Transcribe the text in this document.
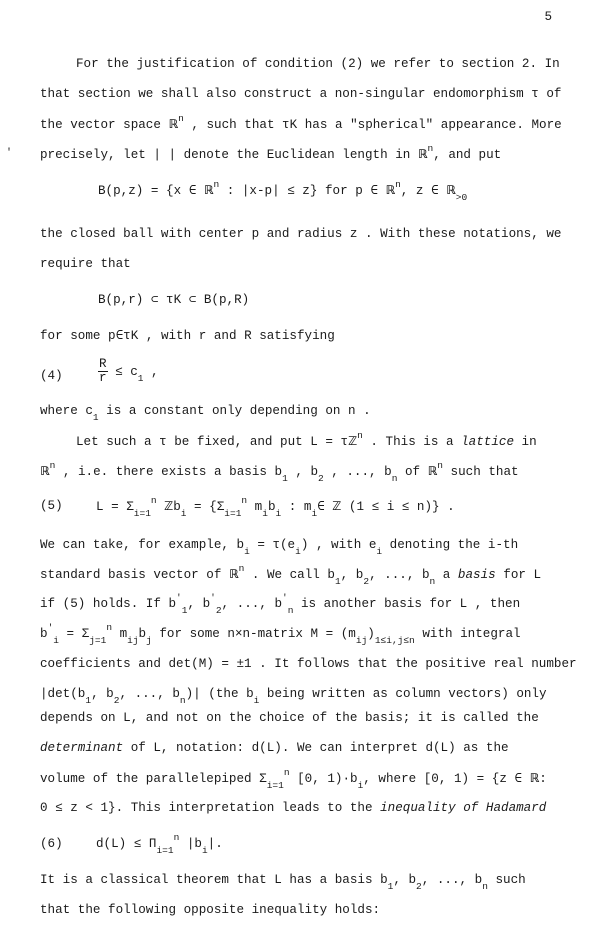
5
'
For the justification of condition (2) we refer to section 2. In
that section we shall also construct a non-singular endomorphism τ of
the vector space ℝ$^n$ , such that τK has a "spherical" appearance. More
precisely, let | | denote the Euclidean length in ℝ$^n$, and put
B(p,z) = {x ∈ ℝ$^n$ : |x-p| ≤ z} for p ∈ ℝ$^n$, z ∈ ℝ$_{>0}$
the closed ball with center p and radius z . With these notations, we
require that
B(p,r) ⊂ τK ⊂ B(p,R)
for some p∈τK , with r and R satisfying
(4)	$\frac{R}{r} \le c_1$ ,
where $c_1$ is a constant only depending on n .
Let such a τ be fixed, and put L = τℤ$^n$ . This is a lattice in
ℝ$^n$ , i.e. there exists a basis $b_1$ , $b_2$ , ..., $b_n$ of ℝ$^n$ such that
(5)	$L = \Sigma_{i=1}^n$ ℤb$_i$ = {$\Sigma_{i=1}^n$ $m_ib_i$ : $m_i\in$ ℤ (1 ≤ i ≤ n)} .
We can take, for example, $b_i = \tau(e_i)$ , with $e_i$ denoting the i-th
standard basis vector of ℝ$^n$ . We call $b_1$, $b_2$, ..., $b_n$ a basis for L
if (5) holds. If $b'_1$, $b'_2$, ..., $b'_n$ is another basis for L , then
$b'_i = \Sigma_{j=1}^n$ $m_{ij}b_j$ for some n×n-matrix $M = (m_{ij})_{1\le i,j\le n}$ with integral
coefficients and det(M) = ±1 . It follows that the positive real number
$|\det(b_1$, $b_2$, ..., $b_n)|$ (the $b_i$ being written as column vectors) only
depends on L, and not on the choice of the basis; it is called the
determinant of L, notation: d(L). We can interpret d(L) as the
volume of the parallelepiped $\Sigma_{i=1}^n$ [0, $1)\cdot b_i$, where [0, 1) = {z ∈ ℝ:
0 ≤ z < 1}. This interpretation leads to the inequality of Hadamard
(6)	$d(L) \le \Pi_{i=1}^n$ $|b_i|$.
It is a classical theorem that L has a basis $b_1$, $b_2$, ..., $b_n$ such
that the following opposite inequality holds:
